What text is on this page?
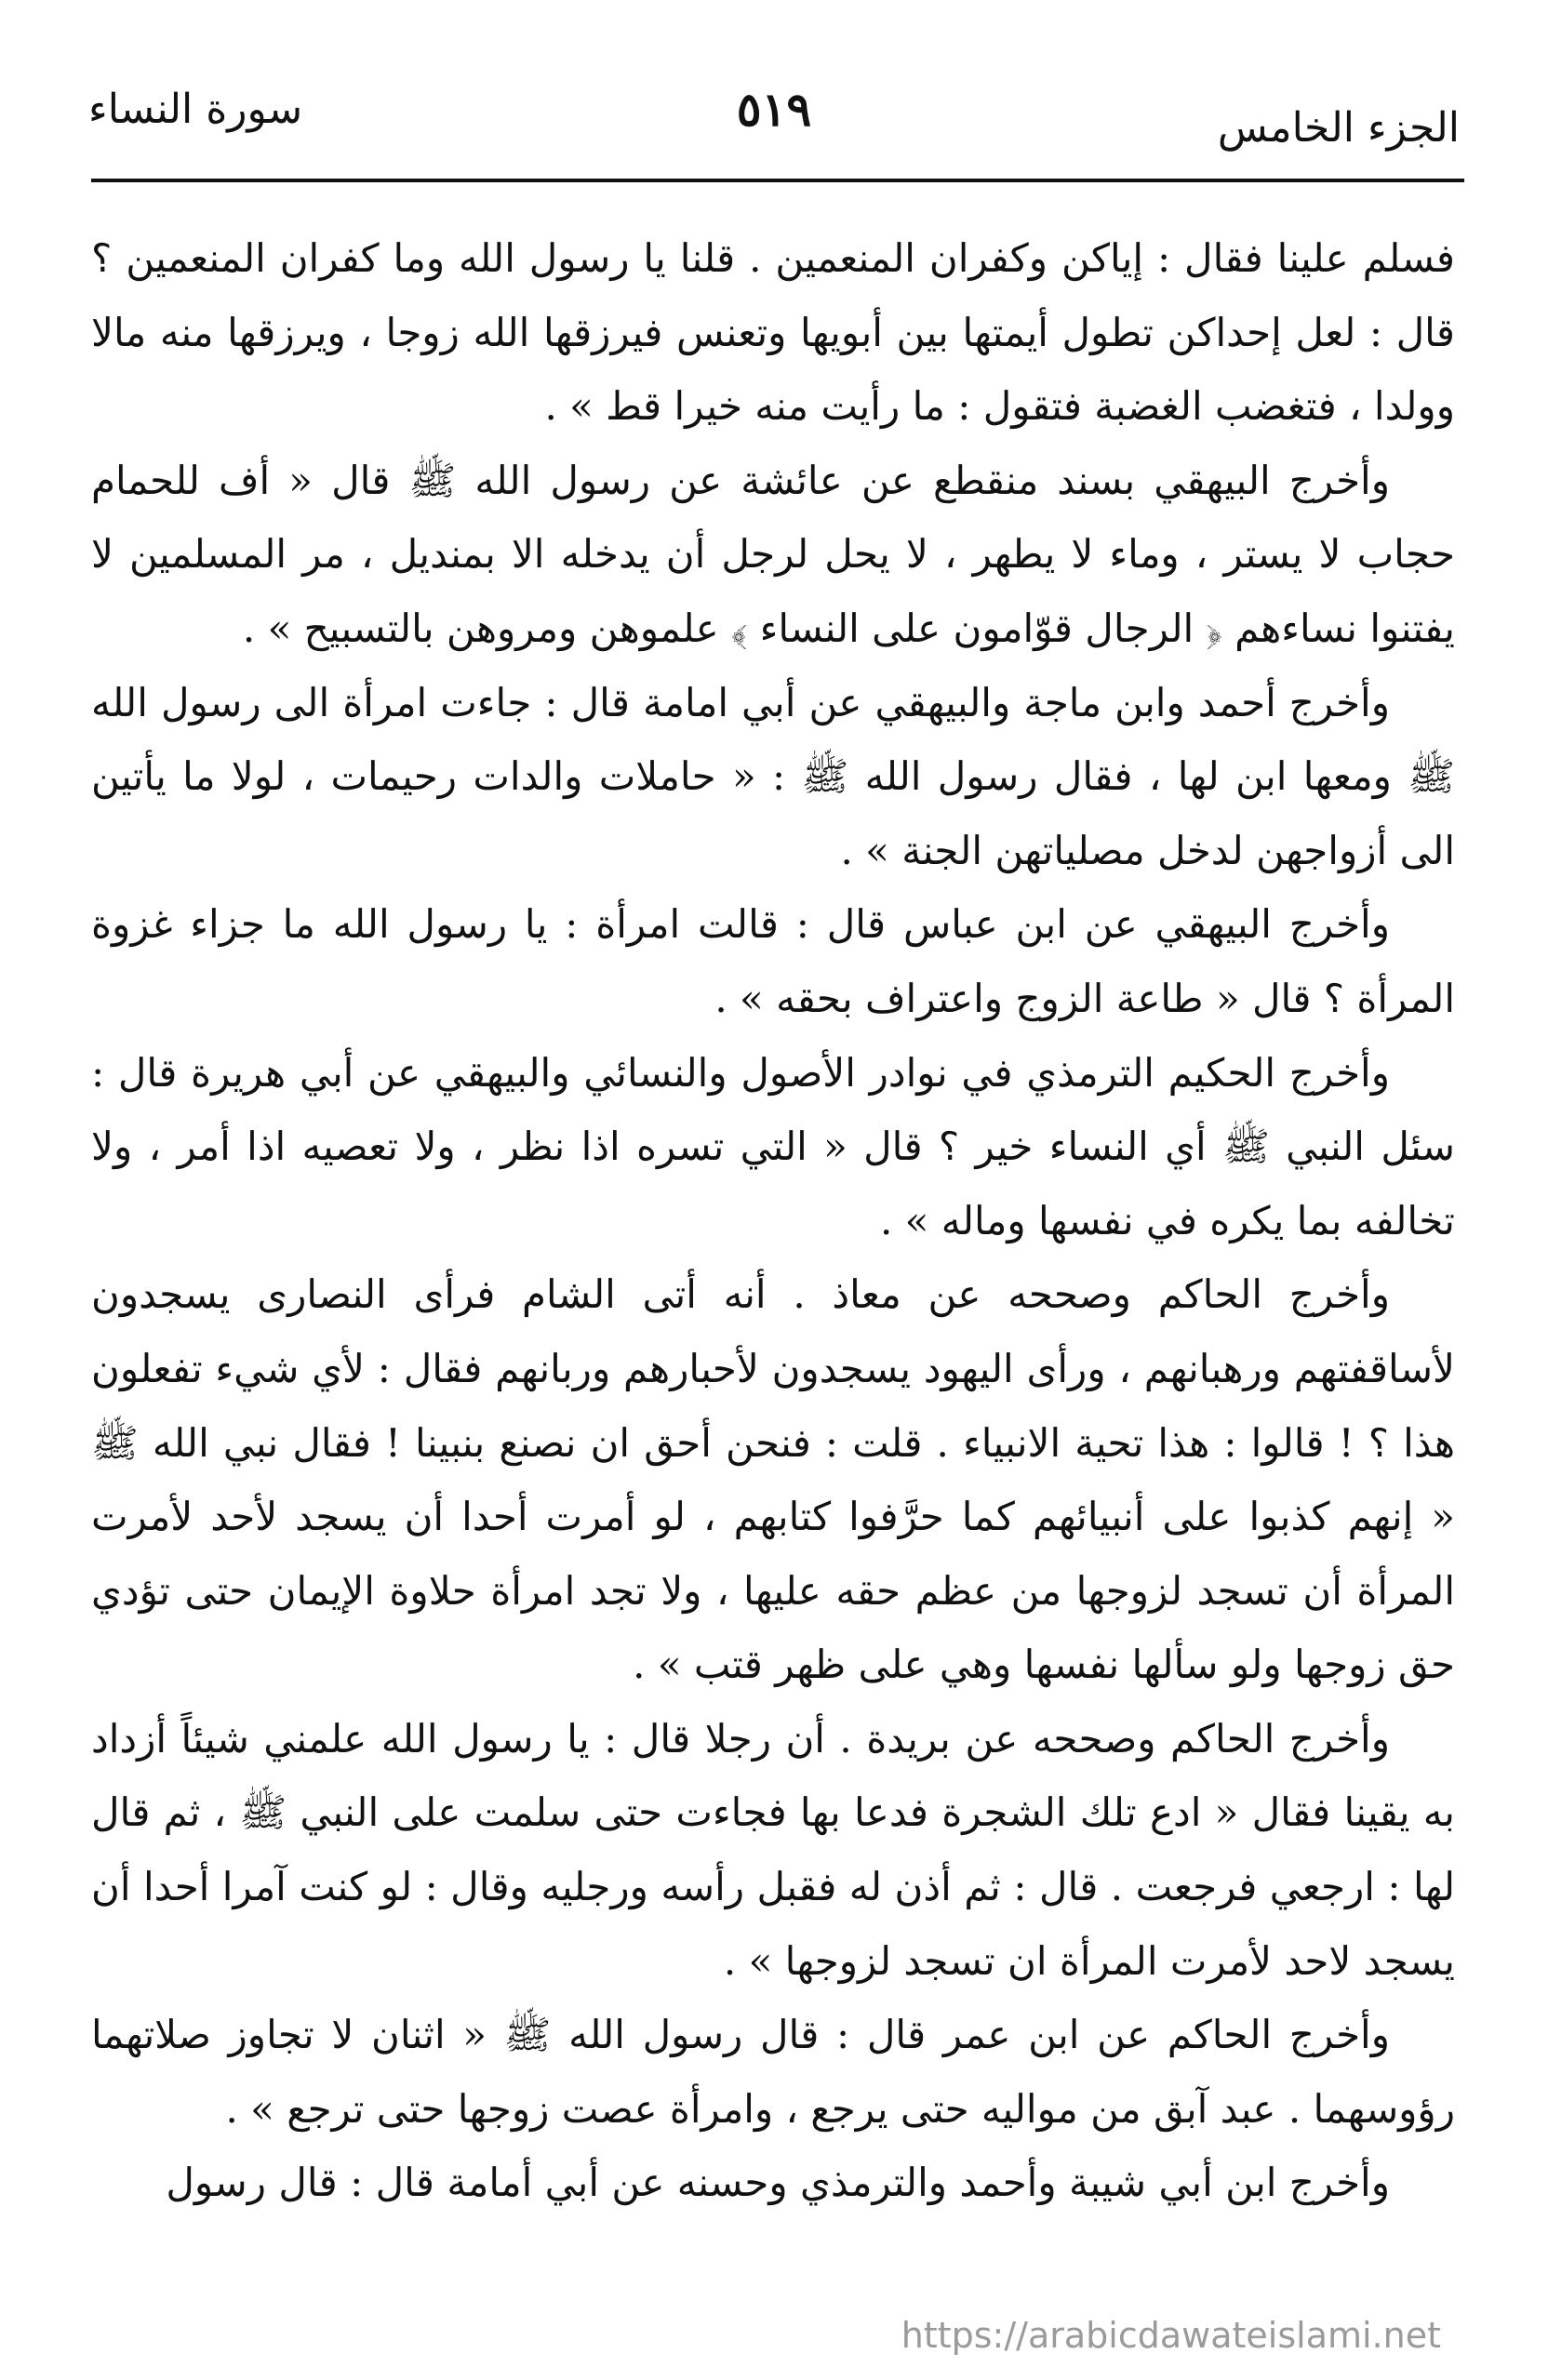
الجزء الخامس
٥١٩
سورة النساء

فسلم علينا فقال : إياكن وكفران المنعمين . قلنا يا رسول الله وما كفران المنعمين ؟ قال : لعل إحداكن تطول أيمتها بين أبويها وتعنس فيرزقها الله زوجا ، ويرزقها منه مالا وولدا ، فتغضب الغضبة فتقول : ما رأيت منه خيرا قط » .

وأخرج البيهقي بسند منقطع عن عائشة عن رسول الله ﷺ قال « أف للحمام حجاب لا يستر ، وماء لا يطهر ، لا يحل لرجل أن يدخله الا بمنديل ، مر المسلمين لا يفتنوا نساءهم ﴿ الرجال قوّامون على النساء ﴾ علموهن ومروهن بالتسبيح » .

وأخرج أحمد وابن ماجة والبيهقي عن أبي امامة قال : جاءت امرأة الى رسول الله ﷺ ومعها ابن لها ، فقال رسول الله ﷺ : « حاملات والدات رحيمات ، لولا ما يأتين الى أزواجهن لدخل مصلياتهن الجنة » .

وأخرج البيهقي عن ابن عباس قال : قالت امرأة : يا رسول الله ما جزاء غزوة المرأة ؟ قال « طاعة الزوج واعتراف بحقه » .

وأخرج الحكيم الترمذي في نوادر الأصول والنسائي والبيهقي عن أبي هريرة قال : سئل النبي ﷺ أي النساء خير ؟ قال « التي تسره اذا نظر ، ولا تعصيه اذا أمر ، ولا تخالفه بما يكره في نفسها وماله » .

وأخرج الحاكم وصححه عن معاذ . أنه أتى الشام فرأى النصارى يسجدون لأساقفتهم ورهبانهم ، ورأى اليهود يسجدون لأحبارهم وربانهم فقال : لأي شيء تفعلون هذا ؟ ! قالوا : هذا تحية الانبياء . قلت : فنحن أحق ان نصنع بنبينا ! فقال نبي الله ﷺ « إنهم كذبوا على أنبيائهم كما حرَّفوا كتابهم ، لو أمرت أحدا أن يسجد لأحد لأمرت المرأة أن تسجد لزوجها من عظم حقه عليها ، ولا تجد امرأة حلاوة الإيمان حتى تؤدي حق زوجها ولو سألها نفسها وهي على ظهر قتب » .

وأخرج الحاكم وصححه عن بريدة . أن رجلا قال : يا رسول الله علمني شيئاً أزداد به يقينا فقال « ادع تلك الشجرة فدعا بها فجاءت حتى سلمت على النبي ﷺ ، ثم قال لها : ارجعي فرجعت . قال : ثم أذن له فقبل رأسه ورجليه وقال : لو كنت آمرا أحدا أن يسجد لاحد لأمرت المرأة ان تسجد لزوجها » .

وأخرج الحاكم عن ابن عمر قال : قال رسول الله ﷺ « اثنان لا تجاوز صلاتهما رؤوسهما . عبد آبق من مواليه حتى يرجع ، وامرأة عصت زوجها حتى ترجع » .

وأخرج ابن أبي شيبة وأحمد والترمذي وحسنه عن أبي أمامة قال : قال رسول

https://arabicdawateislami.net
